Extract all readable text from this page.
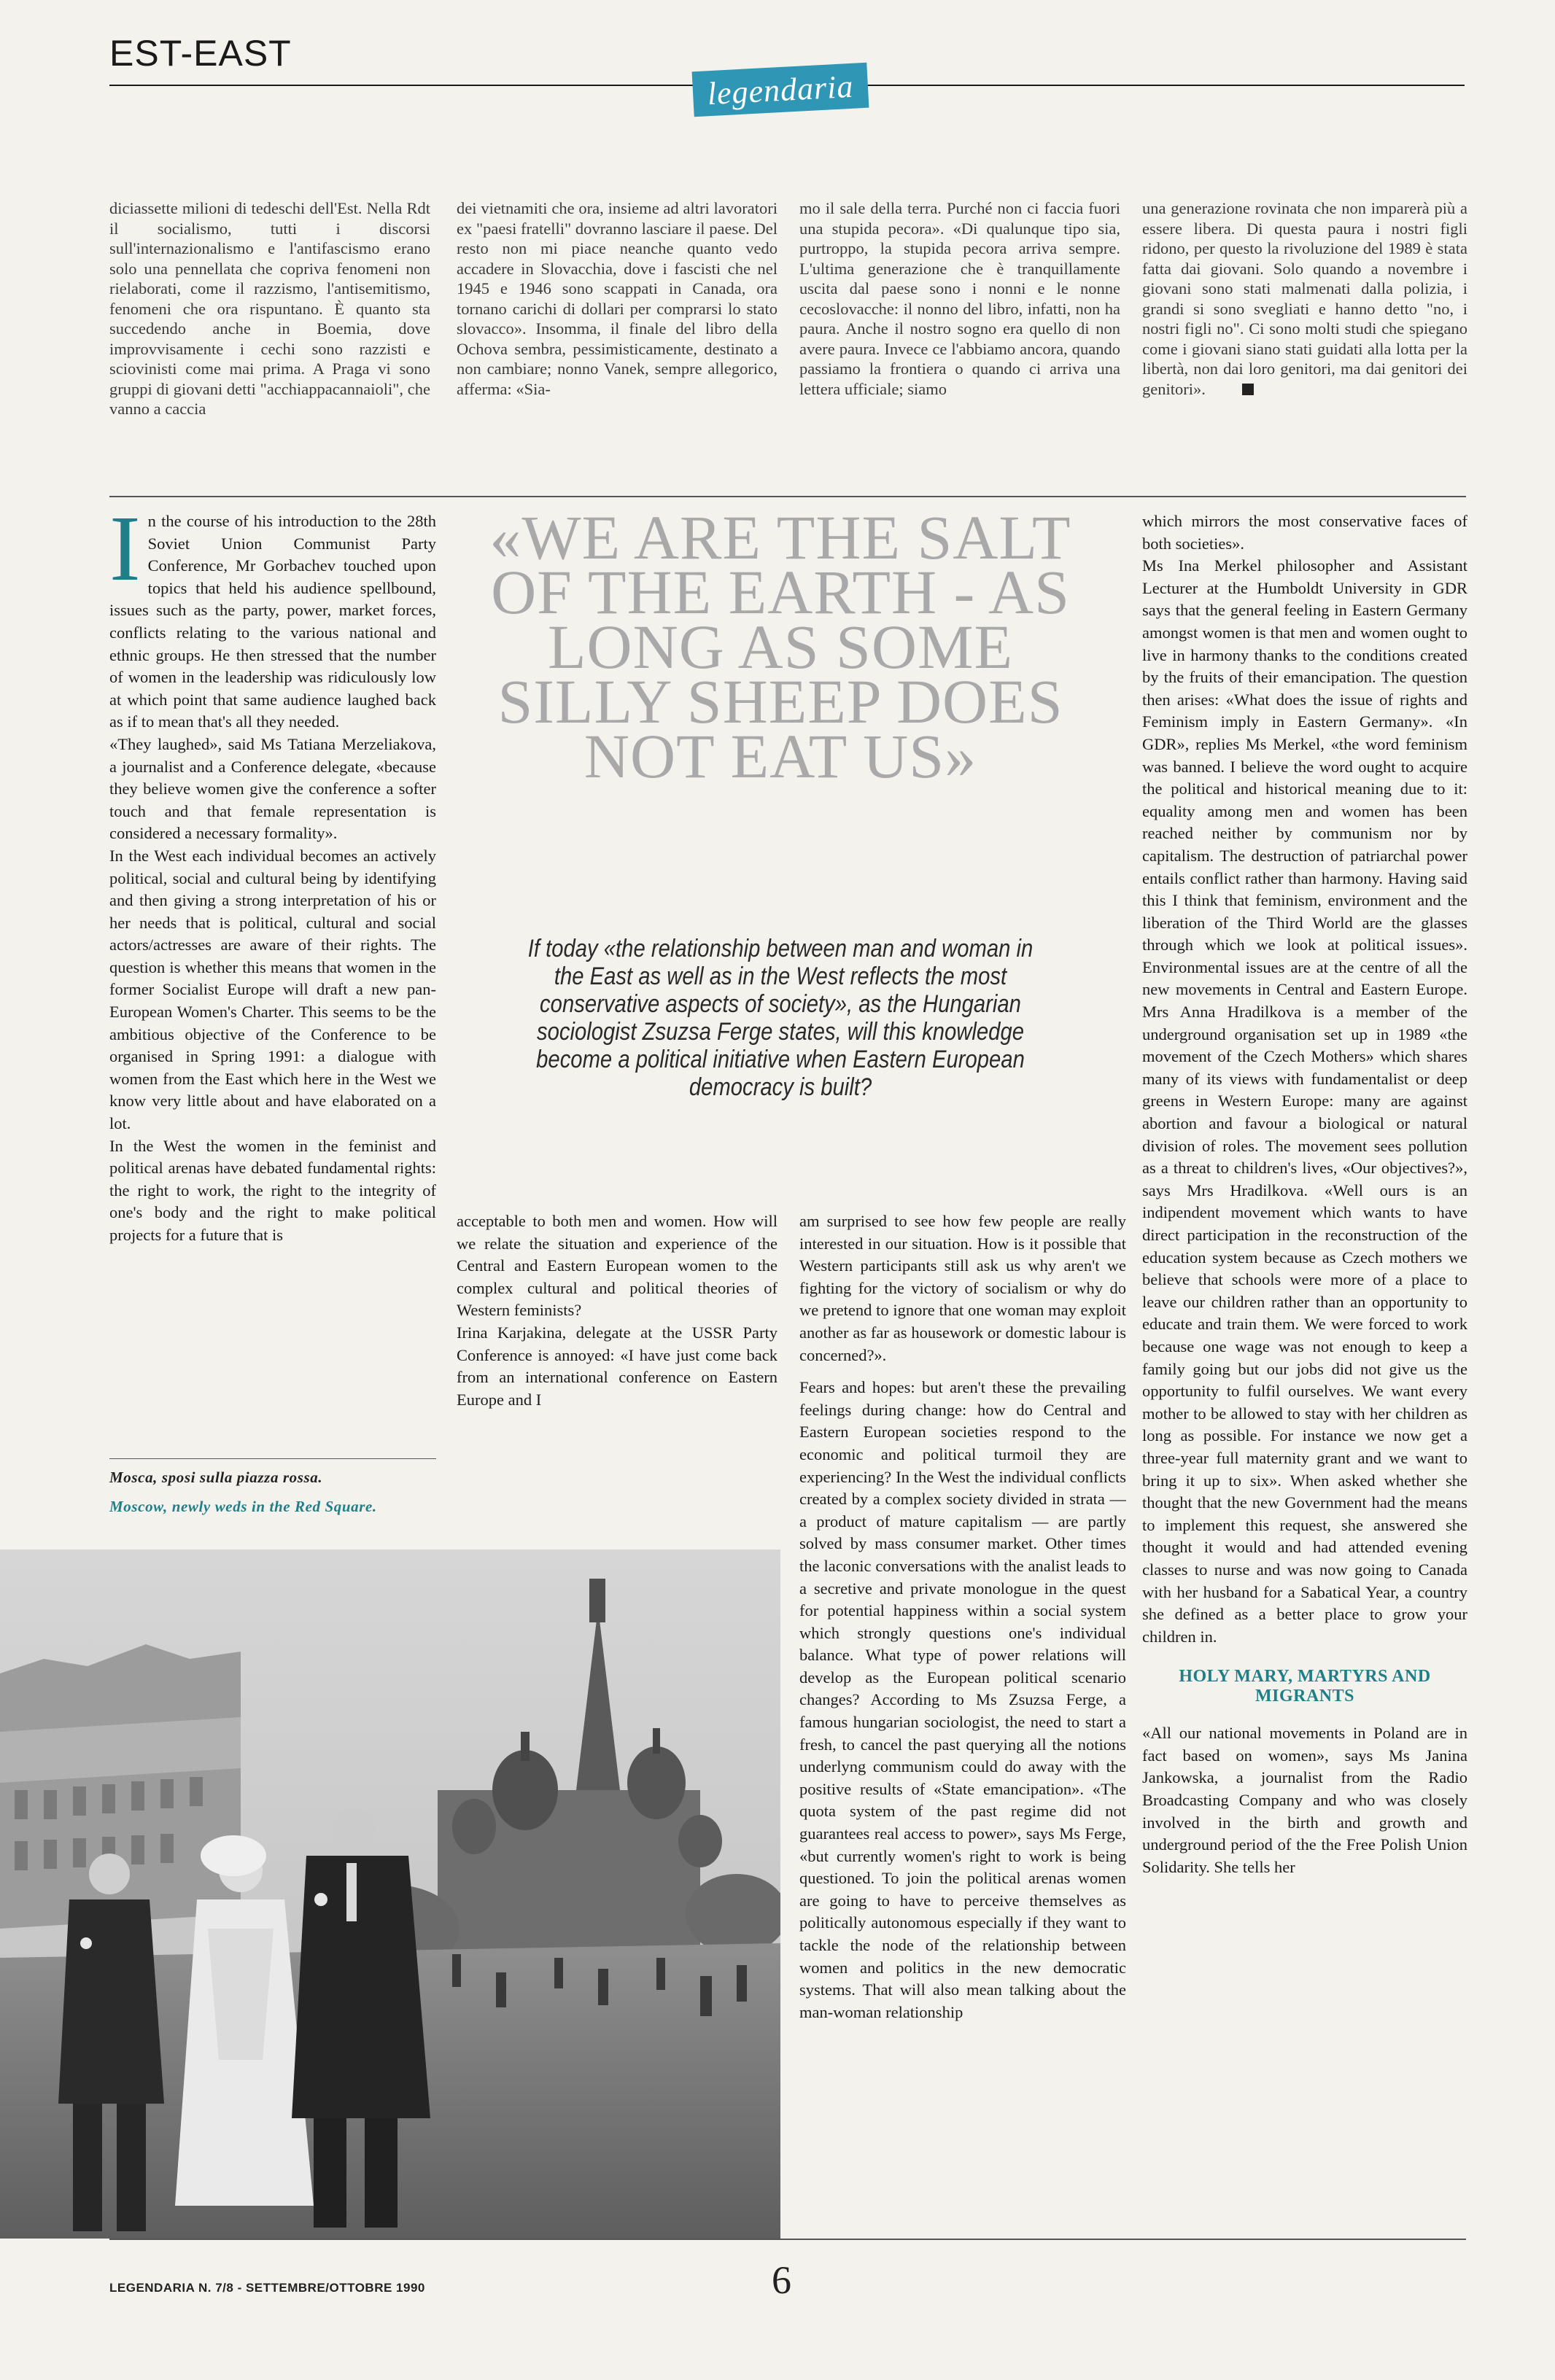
EST-EAST
legendaria
diciassette milioni di tedeschi dell'Est. Nella Rdt il socialismo, tutti i discorsi sull'internazionalismo e l'antifascismo erano solo una pennellata che copriva fenomeni non rielaborati, come il razzismo, l'antisemitismo, fenomeni che ora rispuntano. È quanto sta succedendo anche in Boemia, dove improvvisamente i cechi sono razzisti e sciovinisti come mai prima. A Praga vi sono gruppi di giovani detti "acchiappacannaioli", che vanno a caccia
dei vietnamiti che ora, insieme ad altri lavoratori ex "paesi fratelli" dovranno lasciare il paese. Del resto non mi piace neanche quanto vedo accadere in Slovacchia, dove i fascisti che nel 1945 e 1946 sono scappati in Canada, ora tornano carichi di dollari per comprarsi lo stato slovacco». Insomma, il finale del libro della Ochova sembra, pessimisticamente, destinato a non cambiare; nonno Vanek, sempre allegorico, afferma: «Sia-
mo il sale della terra. Purché non ci faccia fuori una stupida pecora». «Di qualunque tipo sia, purtroppo, la stupida pecora arriva sempre. L'ultima generazione che è tranquillamente uscita dal paese sono i nonni e le nonne cecoslovacche: il nonno del libro, infatti, non ha paura. Anche il nostro sogno era quello di non avere paura. Invece ce l'abbiamo ancora, quando passiamo la frontiera o quando ci arriva una lettera ufficiale; siamo
una generazione rovinata che non imparerà più a essere libera. Di questa paura i nostri figli ridono, per questo la rivoluzione del 1989 è stata fatta dai giovani. Solo quando a novembre i giovani sono stati malmenati dalla polizia, i grandi si sono svegliati e hanno detto "no, i nostri figli no". Ci sono molti studi che spiegano come i giovani siano stati guidati alla lotta per la libertà, non dai loro genitori, ma dai genitori dei genitori».
«WE ARE THE SALT OF THE EARTH - AS LONG AS SOME SILLY SHEEP DOES NOT EAT US»
If today «the relationship between man and woman in the East as well as in the West reflects the most conservative aspects of society», as the Hungarian sociologist Zsuzsa Ferge states, will this knowledge become a political initiative when Eastern European democracy is built?
I n the course of his introduction to the 28th Soviet Union Communist Party Conference, Mr Gorbachev touched upon topics that held his audience spellbound, issues such as the party, power, market forces, conflicts relating to the various national and ethnic groups. He then stressed that the number of women in the leadership was ridiculously low at which point that same audience laughed back as if to mean that's all they needed.

«They laughed», said Ms Tatiana Merzeliakova, a journalist and a Conference delegate, «because they believe women give the conference a softer touch and that female representation is considered a necessary formality».

In the West each individual becomes an actively political, social and cultural being by identifying and then giving a strong interpretation of his or her needs that is political, cultural and social actors/actresses are aware of their rights. The question is whether this means that women in the former Socialist Europe will draft a new pan-European Women's Charter. This seems to be the ambitious objective of the Conference to be organised in Spring 1991: a dialogue with women from the East which here in the West we know very little about and have elaborated on a lot.

In the West the women in the feminist and political arenas have debated fundamental rights: the right to work, the right to the integrity of one's body and the right to make political projects for a future that is

acceptable to both men and women. How will we relate the situation and experience of the Central and Eastern European women to the complex cultural and political theories of Western feminists?

Irina Karjakina, delegate at the USSR Party Conference is annoyed: «I have just come back from an international conference on Eastern Europe and I

am surprised to see how few people are really interested in our situation. How is it possible that Western participants still ask us why aren't we fighting for the victory of socialism or why do we pretend to ignore that one woman may exploit another as far as housework or domestic labour is concerned?».

Fears and hopes: but aren't these the prevailing feelings during change: how do Central and Eastern European societies respond to the economic and political turmoil they are experiencing? In the West the individual conflicts created by a complex society divided in strata — a product of mature capitalism — are partly solved by mass consumer market. Other times the laconic conversations with the analist leads to a secretive and private monologue in the quest for potential happiness within a social system which strongly questions one's individual balance. What type of power relations will develop as the European political scenario changes? According to Ms Zsuzsa Ferge, a famous hungarian sociologist, the need to start a fresh, to cancel the past querying all the notions underlyng communism could do away with the positive results of «State emancipation». «The quota system of the past regime did not guarantees real access to power», says Ms Ferge, «but currently women's right to work is being questioned. To join the political arenas women are going to have to perceive themselves as politically autonomous especially if they want to tackle the node of the relationship between women and politics in the new democratic systems. That will also mean talking about the man-woman relationship

which mirrors the most conservative faces of both societies».

Ms Ina Merkel philosopher and Assistant Lecturer at the Humboldt University in GDR says that the general feeling in Eastern Germany amongst women is that men and women ought to live in harmony thanks to the conditions created by the fruits of their emancipation. The question then arises: «What does the issue of rights and Feminism imply in Eastern Germany». «In GDR», replies Ms Merkel, «the word feminism was banned. I believe the word ought to acquire the political and historical meaning due to it: equality among men and women has been reached neither by communism nor by capitalism. The destruction of patriarchal power entails conflict rather than harmony. Having said this I think that feminism, environment and the liberation of the Third World are the glasses through which we look at political issues». Environmental issues are at the centre of all the new movements in Central and Eastern Europe. Mrs Anna Hradilkova is a member of the underground organisation set up in 1989 «the movement of the Czech Mothers» which shares many of its views with fundamentalist or deep greens in Western Europe: many are against abortion and favour a biological or natural division of roles. The movement sees pollution as a threat to children's lives, «Our objectives?», says Mrs Hradilkova. «Well ours is an indipendent movement which wants to have direct participation in the reconstruction of the education system because as Czech mothers we believe that schools were more of a place to leave our children rather than an opportunity to educate and train them. We were forced to work because one wage was not enough to keep a family going but our jobs did not give us the opportunity to fulfil ourselves. We want every mother to be allowed to stay with her children as long as possible. For instance we now get a three-year full maternity grant and we want to bring it up to six». When asked whether she thought that the new Government had the means to implement this request, she answered she thought it would and had attended evening classes to nurse and was now going to Canada with her husband for a Sabatical Year, a country she defined as a better place to grow your children in.

HOLY MARY, MARTYRS AND MIGRANTS

«All our national movements in Poland are in fact based on women», says Ms Janina Jankowska, a journalist from the Radio Broadcasting Company and who was closely involved in the birth and growth and underground period of the the Free Polish Union Solidarity. She tells her

Mosca, sposi sulla piazza rossa.
Moscow, newly weds in the Red Square.
LEGENDARIA N. 7/8 - SETTEMBRE/OTTOBRE 1990	6
